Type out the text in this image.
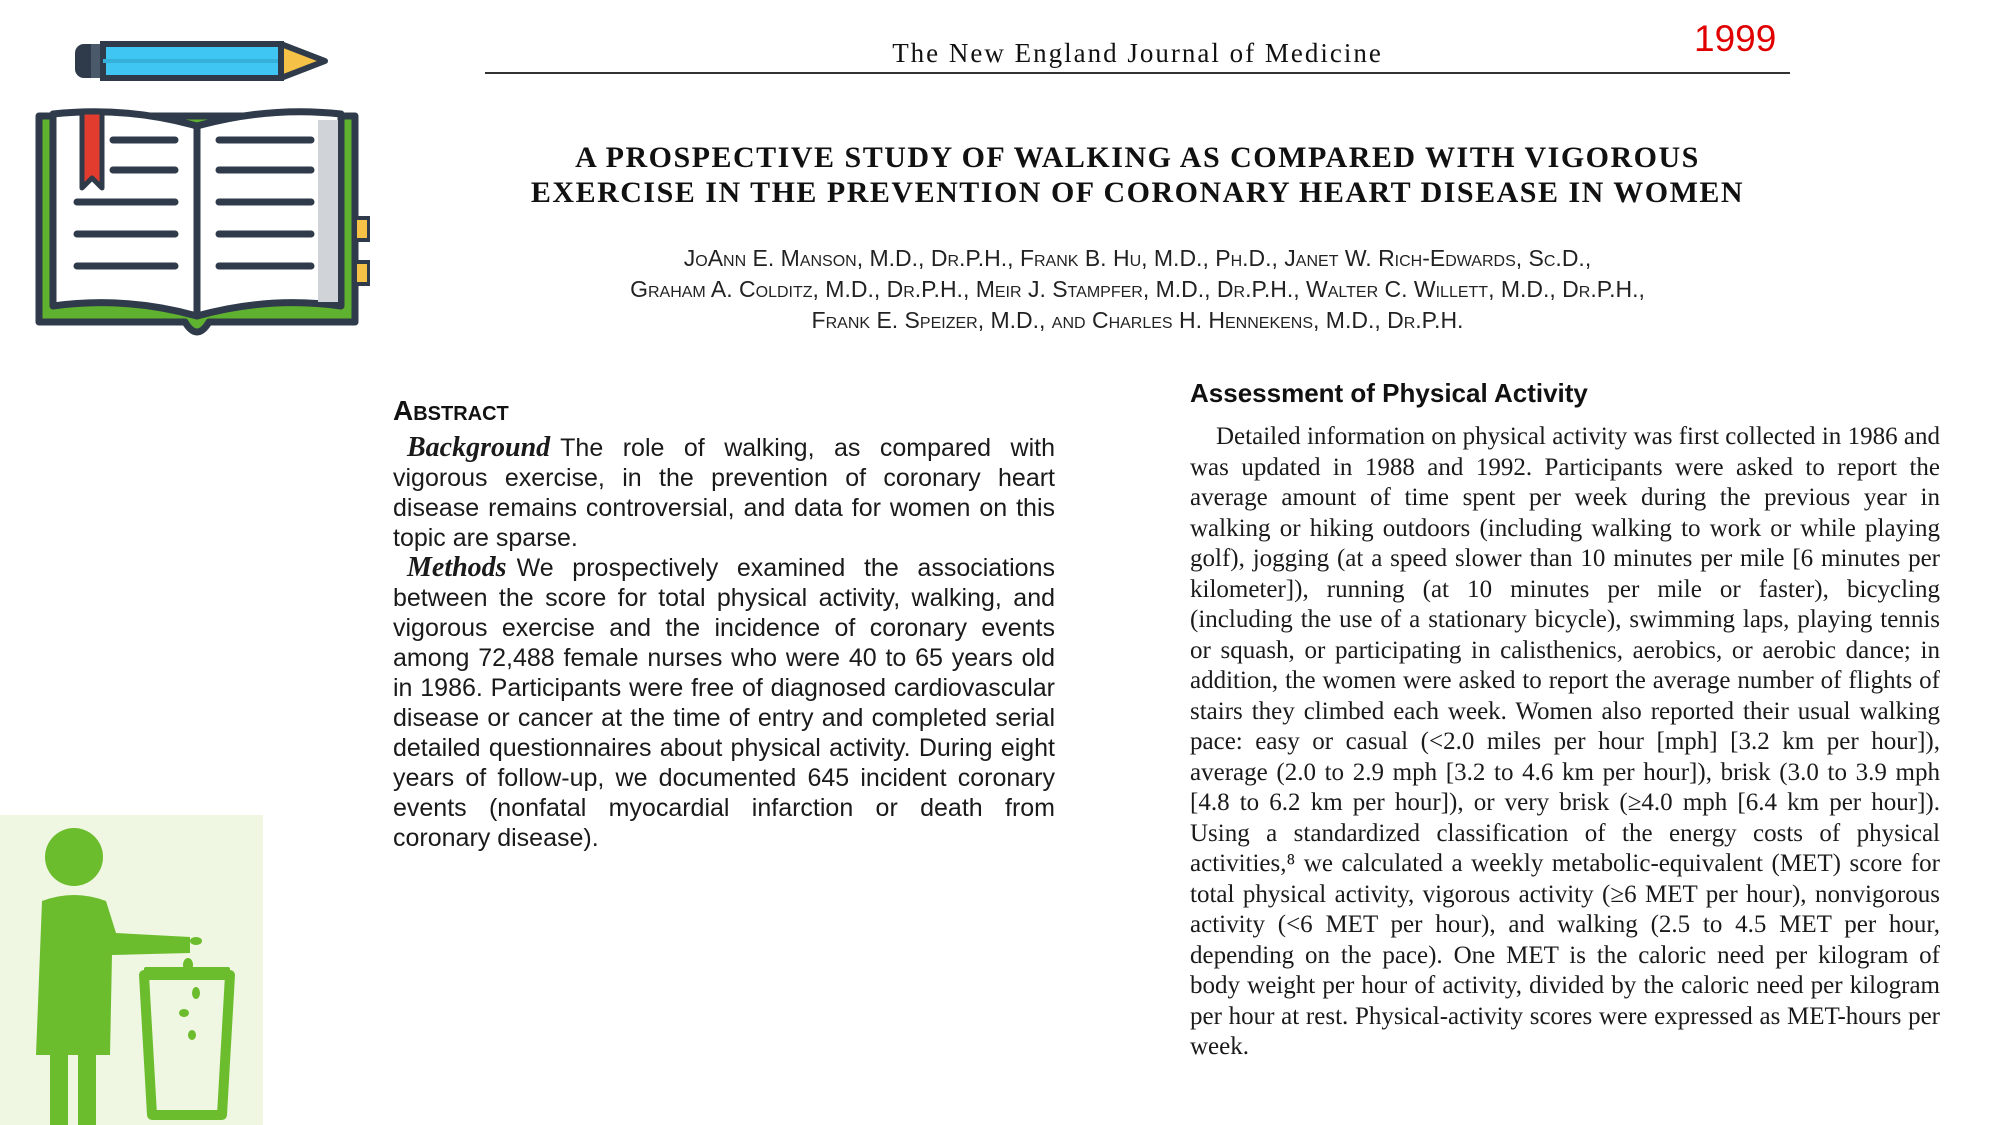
The New England Journal of Medicine	1999
A PROSPECTIVE STUDY OF WALKING AS COMPARED WITH VIGOROUS
EXERCISE IN THE PREVENTION OF CORONARY HEART DISEASE IN WOMEN
JoAnn E. Manson, M.D., Dr.P.H., Frank B. Hu, M.D., Ph.D., Janet W. Rich-Edwards, Sc.D.,
Graham A. Colditz, M.D., Dr.P.H., Meir J. Stampfer, M.D., Dr.P.H., Walter C. Willett, M.D., Dr.P.H.,
Frank E. Speizer, M.D., and Charles H. Hennekens, M.D., Dr.P.H.
Abstract

Background The role of walking, as compared with vigorous exercise, in the prevention of coronary heart disease remains controversial, and data for women on this topic are sparse.

Methods We prospectively examined the associations between the score for total physical activity, walking, and vigorous exercise and the incidence of coronary events among 72,488 female nurses who were 40 to 65 years old in 1986. Participants were free of diagnosed cardiovascular disease or cancer at the time of entry and completed serial detailed questionnaires about physical activity. During eight years of follow-up, we documented 645 incident coronary events (nonfatal myocardial infarction or death from coronary disease).

Assessment of Physical Activity

Detailed information on physical activity was first collected in 1986 and was updated in 1988 and 1992. Participants were asked to report the average amount of time spent per week during the previous year in walking or hiking outdoors (including walking to work or while playing golf), jogging (at a speed slower than 10 minutes per mile [6 minutes per kilometer]), running (at 10 minutes per mile or faster), bicycling (including the use of a stationary bicycle), swimming laps, playing tennis or squash, or participating in calisthenics, aerobics, or aerobic dance; in addition, the women were asked to report the average number of flights of stairs they climbed each week. Women also reported their usual walking pace: easy or casual (<2.0 miles per hour [mph] [3.2 km per hour]), average (2.0 to 2.9 mph [3.2 to 4.6 km per hour]), brisk (3.0 to 3.9 mph [4.8 to 6.2 km per hour]), or very brisk (≥4.0 mph [6.4 km per hour]). Using a standardized classification of the energy costs of physical activities,⁸ we calculated a weekly metabolic-equivalent (MET) score for total physical activity, vigorous activity (≥6 MET per hour), nonvigorous activity (<6 MET per hour), and walking (2.5 to 4.5 MET per hour, depending on the pace). One MET is the caloric need per kilogram of body weight per hour of activity, divided by the caloric need per kilogram per hour at rest. Physical-activity scores were expressed as MET-hours per week.
